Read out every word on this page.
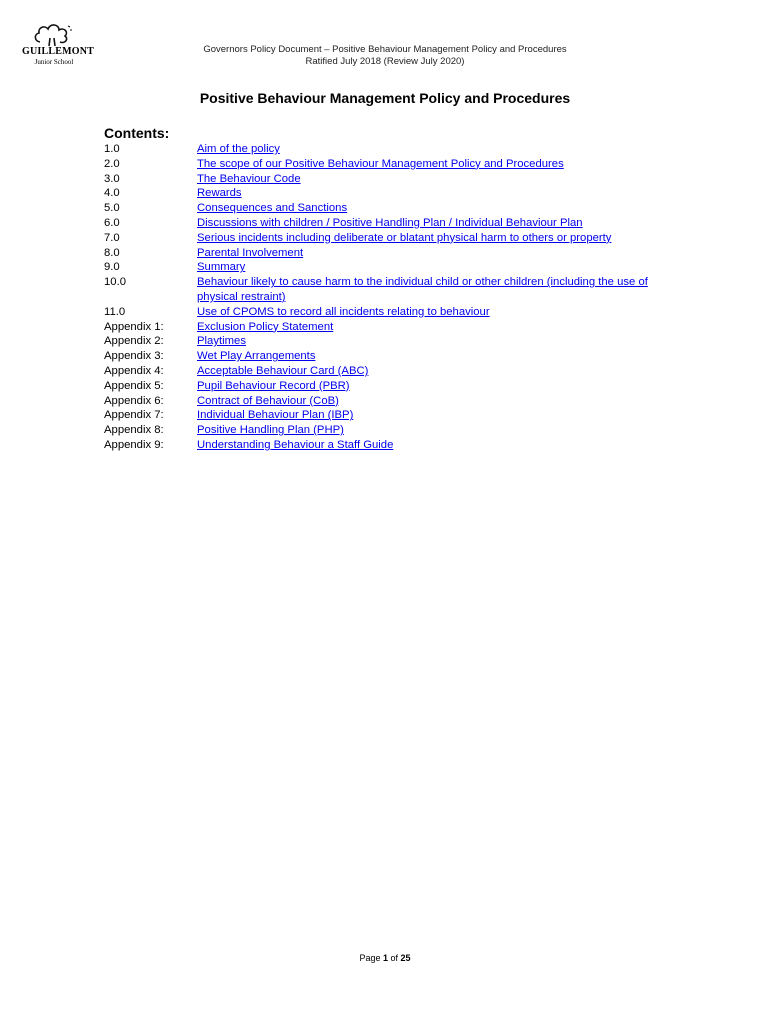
GUILLEMONT
Junior School
Governors Policy Document – Positive Behaviour Management Policy and Procedures
Ratified July 2018 (Review July 2020)
Positive Behaviour Management Policy and Procedures
Contents:
1.0	Aim of the policy
2.0	The scope of our Positive Behaviour Management Policy and Procedures
3.0	The Behaviour Code
4.0	Rewards
5.0	Consequences and Sanctions
6.0	Discussions with children / Positive Handling Plan / Individual Behaviour Plan
7.0	Serious incidents including deliberate or blatant physical harm to others or property
8.0	Parental Involvement
9.0	Summary
10.0	Behaviour likely to cause harm to the individual child or other children (including the use of physical restraint)
11.0	Use of CPOMS to record all incidents relating to behaviour
Appendix 1:	Exclusion Policy Statement
Appendix 2:	Playtimes
Appendix 3:	Wet Play Arrangements
Appendix 4:	Acceptable Behaviour Card (ABC)
Appendix 5:	Pupil Behaviour Record (PBR)
Appendix 6:	Contract of Behaviour (CoB)
Appendix 7:	Individual Behaviour Plan (IBP)
Appendix 8:	Positive Handling Plan (PHP)
Appendix 9:	Understanding Behaviour a Staff Guide
Page 1 of 25
